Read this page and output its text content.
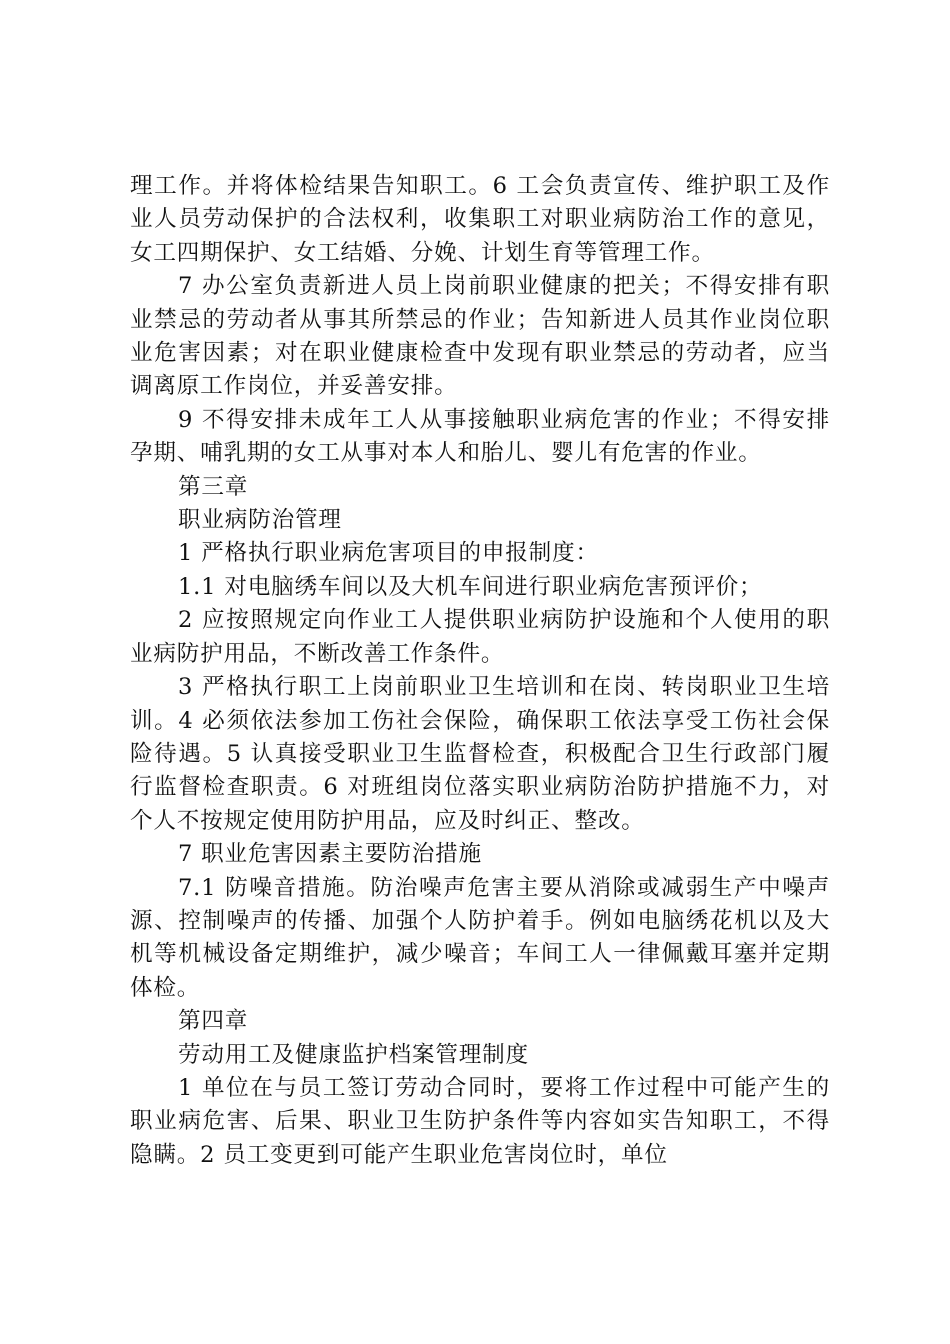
理工作。并将体检结果告知职工。6 工会负责宣传、维护职工及作业人员劳动保护的合法权利，收集职工对职业病防治工作的意见，女工四期保护、女工结婚、分娩、计划生育等管理工作。

7 办公室负责新进人员上岗前职业健康的把关；不得安排有职业禁忌的劳动者从事其所禁忌的作业；告知新进人员其作业岗位职业危害因素；对在职业健康检查中发现有职业禁忌的劳动者，应当调离原工作岗位，并妥善安排。

9 不得安排未成年工人从事接触职业病危害的作业；不得安排孕期、哺乳期的女工从事对本人和胎儿、婴儿有危害的作业。

第三章

职业病防治管理

1 严格执行职业病危害项目的申报制度：

1.1 对电脑绣车间以及大机车间进行职业病危害预评价；

2 应按照规定向作业工人提供职业病防护设施和个人使用的职业病防护用品，不断改善工作条件。

3 严格执行职工上岗前职业卫生培训和在岗、转岗职业卫生培训。4 必须依法参加工伤社会保险，确保职工依法享受工伤社会保险待遇。5 认真接受职业卫生监督检查，积极配合卫生行政部门履行监督检查职责。6 对班组岗位落实职业病防治防护措施不力，对个人不按规定使用防护用品，应及时纠正、整改。

7 职业危害因素主要防治措施

7.1 防噪音措施。防治噪声危害主要从消除或减弱生产中噪声源、控制噪声的传播、加强个人防护着手。例如电脑绣花机以及大机等机械设备定期维护，减少噪音；车间工人一律佩戴耳塞并定期体检。

第四章

劳动用工及健康监护档案管理制度

1 单位在与员工签订劳动合同时，要将工作过程中可能产生的职业病危害、后果、职业卫生防护条件等内容如实告知职工，不得隐瞒。2 员工变更到可能产生职业危害岗位时，单位
